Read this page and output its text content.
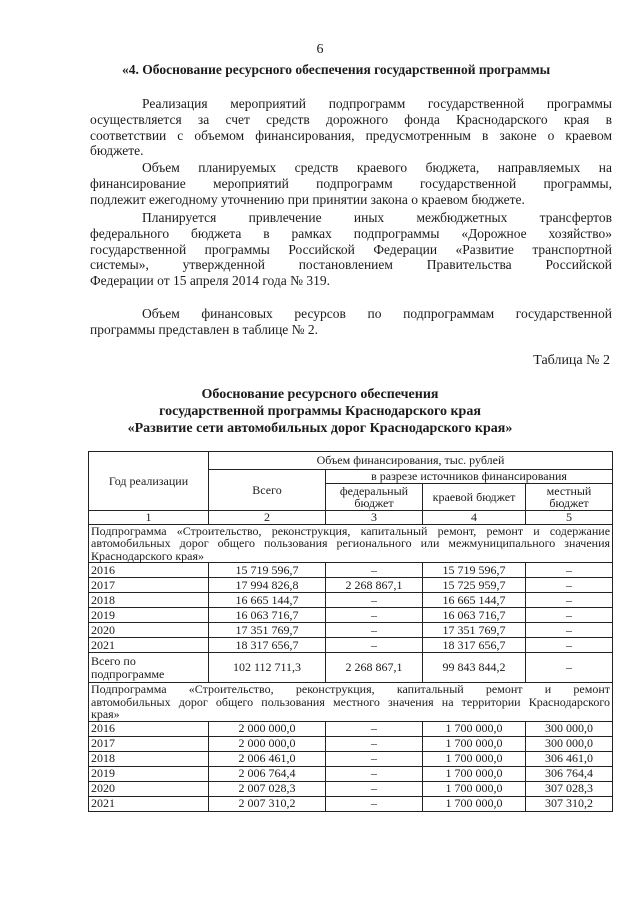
6
«4. Обоснование ресурсного обеспечения государственной программы
Реализация мероприятий подпрограмм государственной программы
осуществляется за счет средств дорожного фонда Краснодарского края в
соответствии с объемом финансирования, предусмотренным в законе о краевом
бюджете.
Объем планируемых средств краевого бюджета, направляемых на
финансирование мероприятий подпрограмм государственной программы,
подлежит ежегодному уточнению при принятии закона о краевом бюджете.
Планируется привлечение иных межбюджетных трансфертов
федерального бюджета в рамках подпрограммы «Дорожное хозяйство»
государственной программы Российской Федерации «Развитие транспортной
системы», утвержденной постановлением Правительства Российской
Федерации от 15 апреля 2014 года № 319.
Объем финансовых ресурсов по подпрограммам государственной
программы представлен в таблице № 2.
Таблица № 2
Обоснование ресурсного обеспечения
государственной программы Краснодарского края
«Развитие сети автомобильных дорог Краснодарского края»
Год реализации	Объем финансирования, тыс. рублей			
	Всего	в разрезе источников финансирования		
		федеральный бюджет	краевой бюджет	местный бюджет
1	2	3	4	5

Подпрограмма «Строительство, реконструкция, капитальный ремонт, ремонт и содержание
автомобильных дорог общего пользования регионального или межмуниципального значения
Краснодарского края»				

2016	15 719 596,7	–	15 719 596,7	–
2017	17 994 826,8	2 268 867,1	15 725 959,7	–
2018	16 665 144,7	–	16 665 144,7	–
2019	16 063 716,7	–	16 063 716,7	–
2020	17 351 769,7	–	17 351 769,7	–
2021	18 317 656,7	–	18 317 656,7	–

Всего по
подпрограмме	102 112 711,3	2 268 867,1	99 843 844,2	–

Подпрограмма «Строительство, реконструкция, капитальный ремонт и ремонт
автомобильных дорог общего пользования местного значения на территории Краснодарского
края»				

2016	2 000 000,0	–	1 700 000,0	300 000,0
2017	2 000 000,0	–	1 700 000,0	300 000,0
2018	2 006 461,0	–	1 700 000,0	306 461,0
2019	2 006 764,4	–	1 700 000,0	306 764,4
2020	2 007 028,3	–	1 700 000,0	307 028,3
2021	2 007 310,2	–	1 700 000,0	307 310,2
